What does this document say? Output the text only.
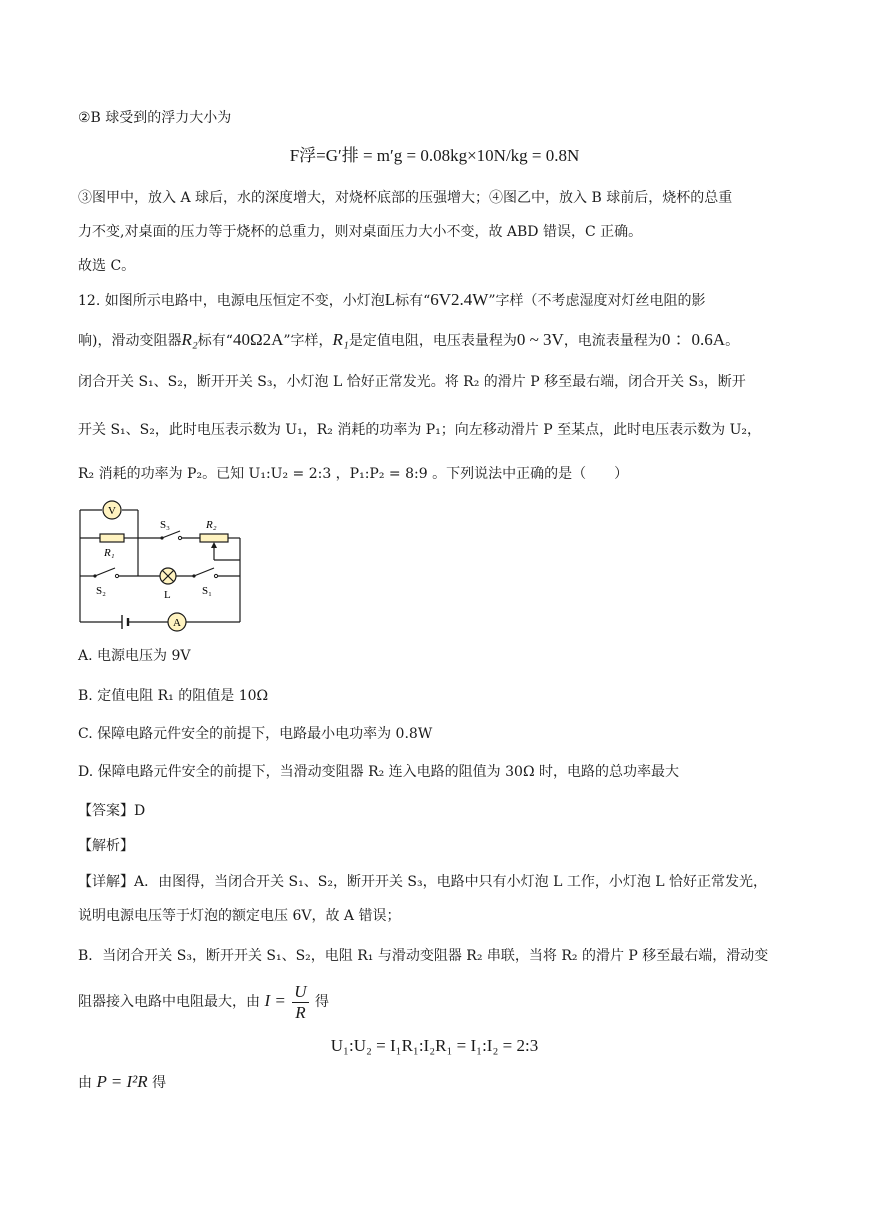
②B 球受到的浮力大小为
F浮=G′排 = m′g = 0.08kg×10N/kg = 0.8N
③图甲中，放入 A 球后，水的深度增大，对烧杯底部的压强增大；④图乙中，放入 B 球前后，烧杯的总重
力不变,对桌面的压力等于烧杯的总重力，则对桌面压力大小不变，故 ABD 错误，C 正确。
故选 C。
12. 如图所示电路中，电源电压恒定不变，小灯泡L标有“6V2.4W”字样（不考虑湿度对灯丝电阻的影
响)，滑动变阻器R₂标有“40Ω2A”字样，R₁是定值电阻，电压表量程为0 ~ 3V，电流表量程为0 ：0.6A。
闭合开关 S₁、S₂，断开开关 S₃，小灯泡 L 恰好正常发光。将 R₂ 的滑片 P 移至最右端，闭合开关 S₃，断开
开关 S₁、S₂，此时电压表示数为 U₁，R₂ 消耗的功率为 P₁；向左移动滑片 P 至某点，此时电压表示数为 U₂，
R₂ 消耗的功率为 P₂。已知 U₁:U₂ = 2:3 ，P₁:P₂ = 8:9 。下列说法中正确的是（　　）
V
R₁
S₃	R₂
S₂	L	S₁
A
A. 电源电压为 9V
B. 定值电阻 R₁ 的阻值是 10Ω
C. 保障电路元件安全的前提下，电路最小电功率为 0.8W
D. 保障电路元件安全的前提下，当滑动变阻器 R₂ 连入电路的阻值为 30Ω 时，电路的总功率最大
【答案】D
【解析】
【详解】A．由图得，当闭合开关 S₁、S₂，断开开关 S₃，电路中只有小灯泡 L 工作，小灯泡 L 恰好正常发光，
说明电源电压等于灯泡的额定电压 6V，故 A 错误；
B．当闭合开关 S₃，断开开关 S₁、S₂，电阻 R₁ 与滑动变阻器 R₂ 串联，当将 R₂ 的滑片 P 移至最右端，滑动变
阻器接入电路中电阻最大，由 $I = \frac{U}{R}$ 得
U₁:U₂ = I₁R₁:I₂R₁ = I₁:I₂ = 2:3
由 P = I²R 得
